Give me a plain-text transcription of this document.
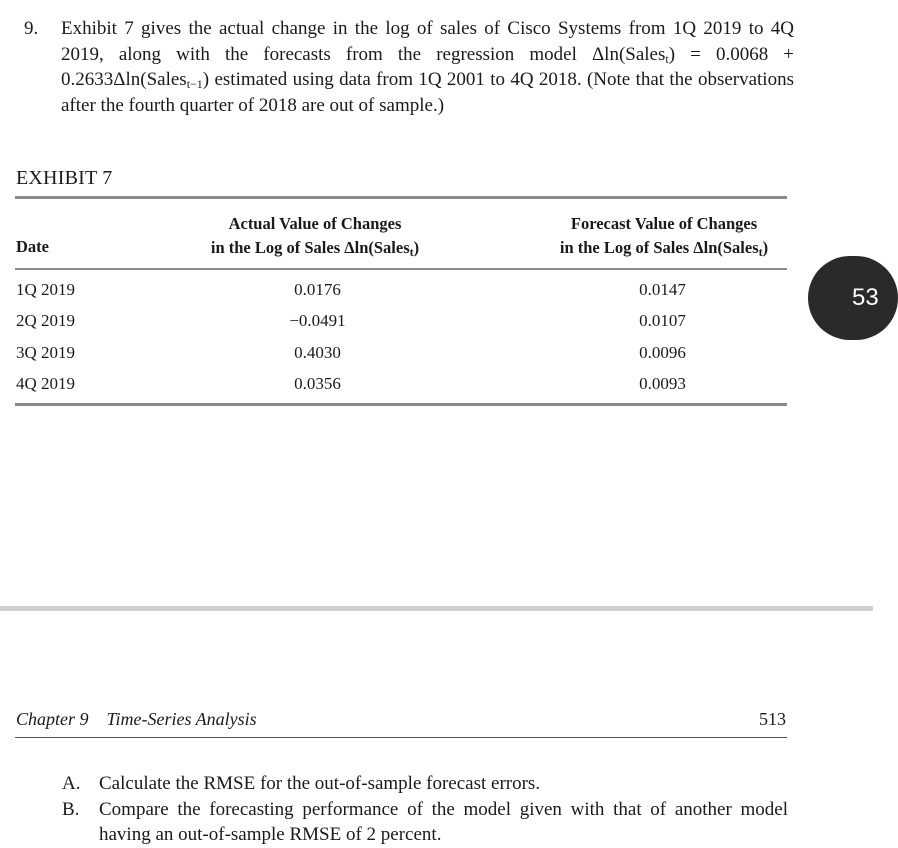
9. Exhibit 7 gives the actual change in the log of sales of Cisco Systems from 1Q 2019 to 4Q 2019, along with the forecasts from the regression model Δln(Sales$_t$) = 0.0068 + 0.2633Δln(Sales$_{t-1}$) estimated using data from 1Q 2001 to 4Q 2018. (Note that the observations after the fourth quarter of 2018 are out of sample.)
EXHIBIT 7
Date
Actual Value of Changes
in the Log of Sales Δln(Sales$_t$)
Forecast Value of Changes
in the Log of Sales Δln(Sales$_t$)
1Q 2019	0.0176	0.0147
2Q 2019	−0.0491	0.0107
3Q 2019	0.4030	0.0096
4Q 2019	0.0356	0.0093
Chapter 9 Time-Series Analysis	513
A. Calculate the RMSE for the out-of-sample forecast errors.
B. Compare the forecasting performance of the model given with that of another model having an out-of-sample RMSE of 2 percent.
53
